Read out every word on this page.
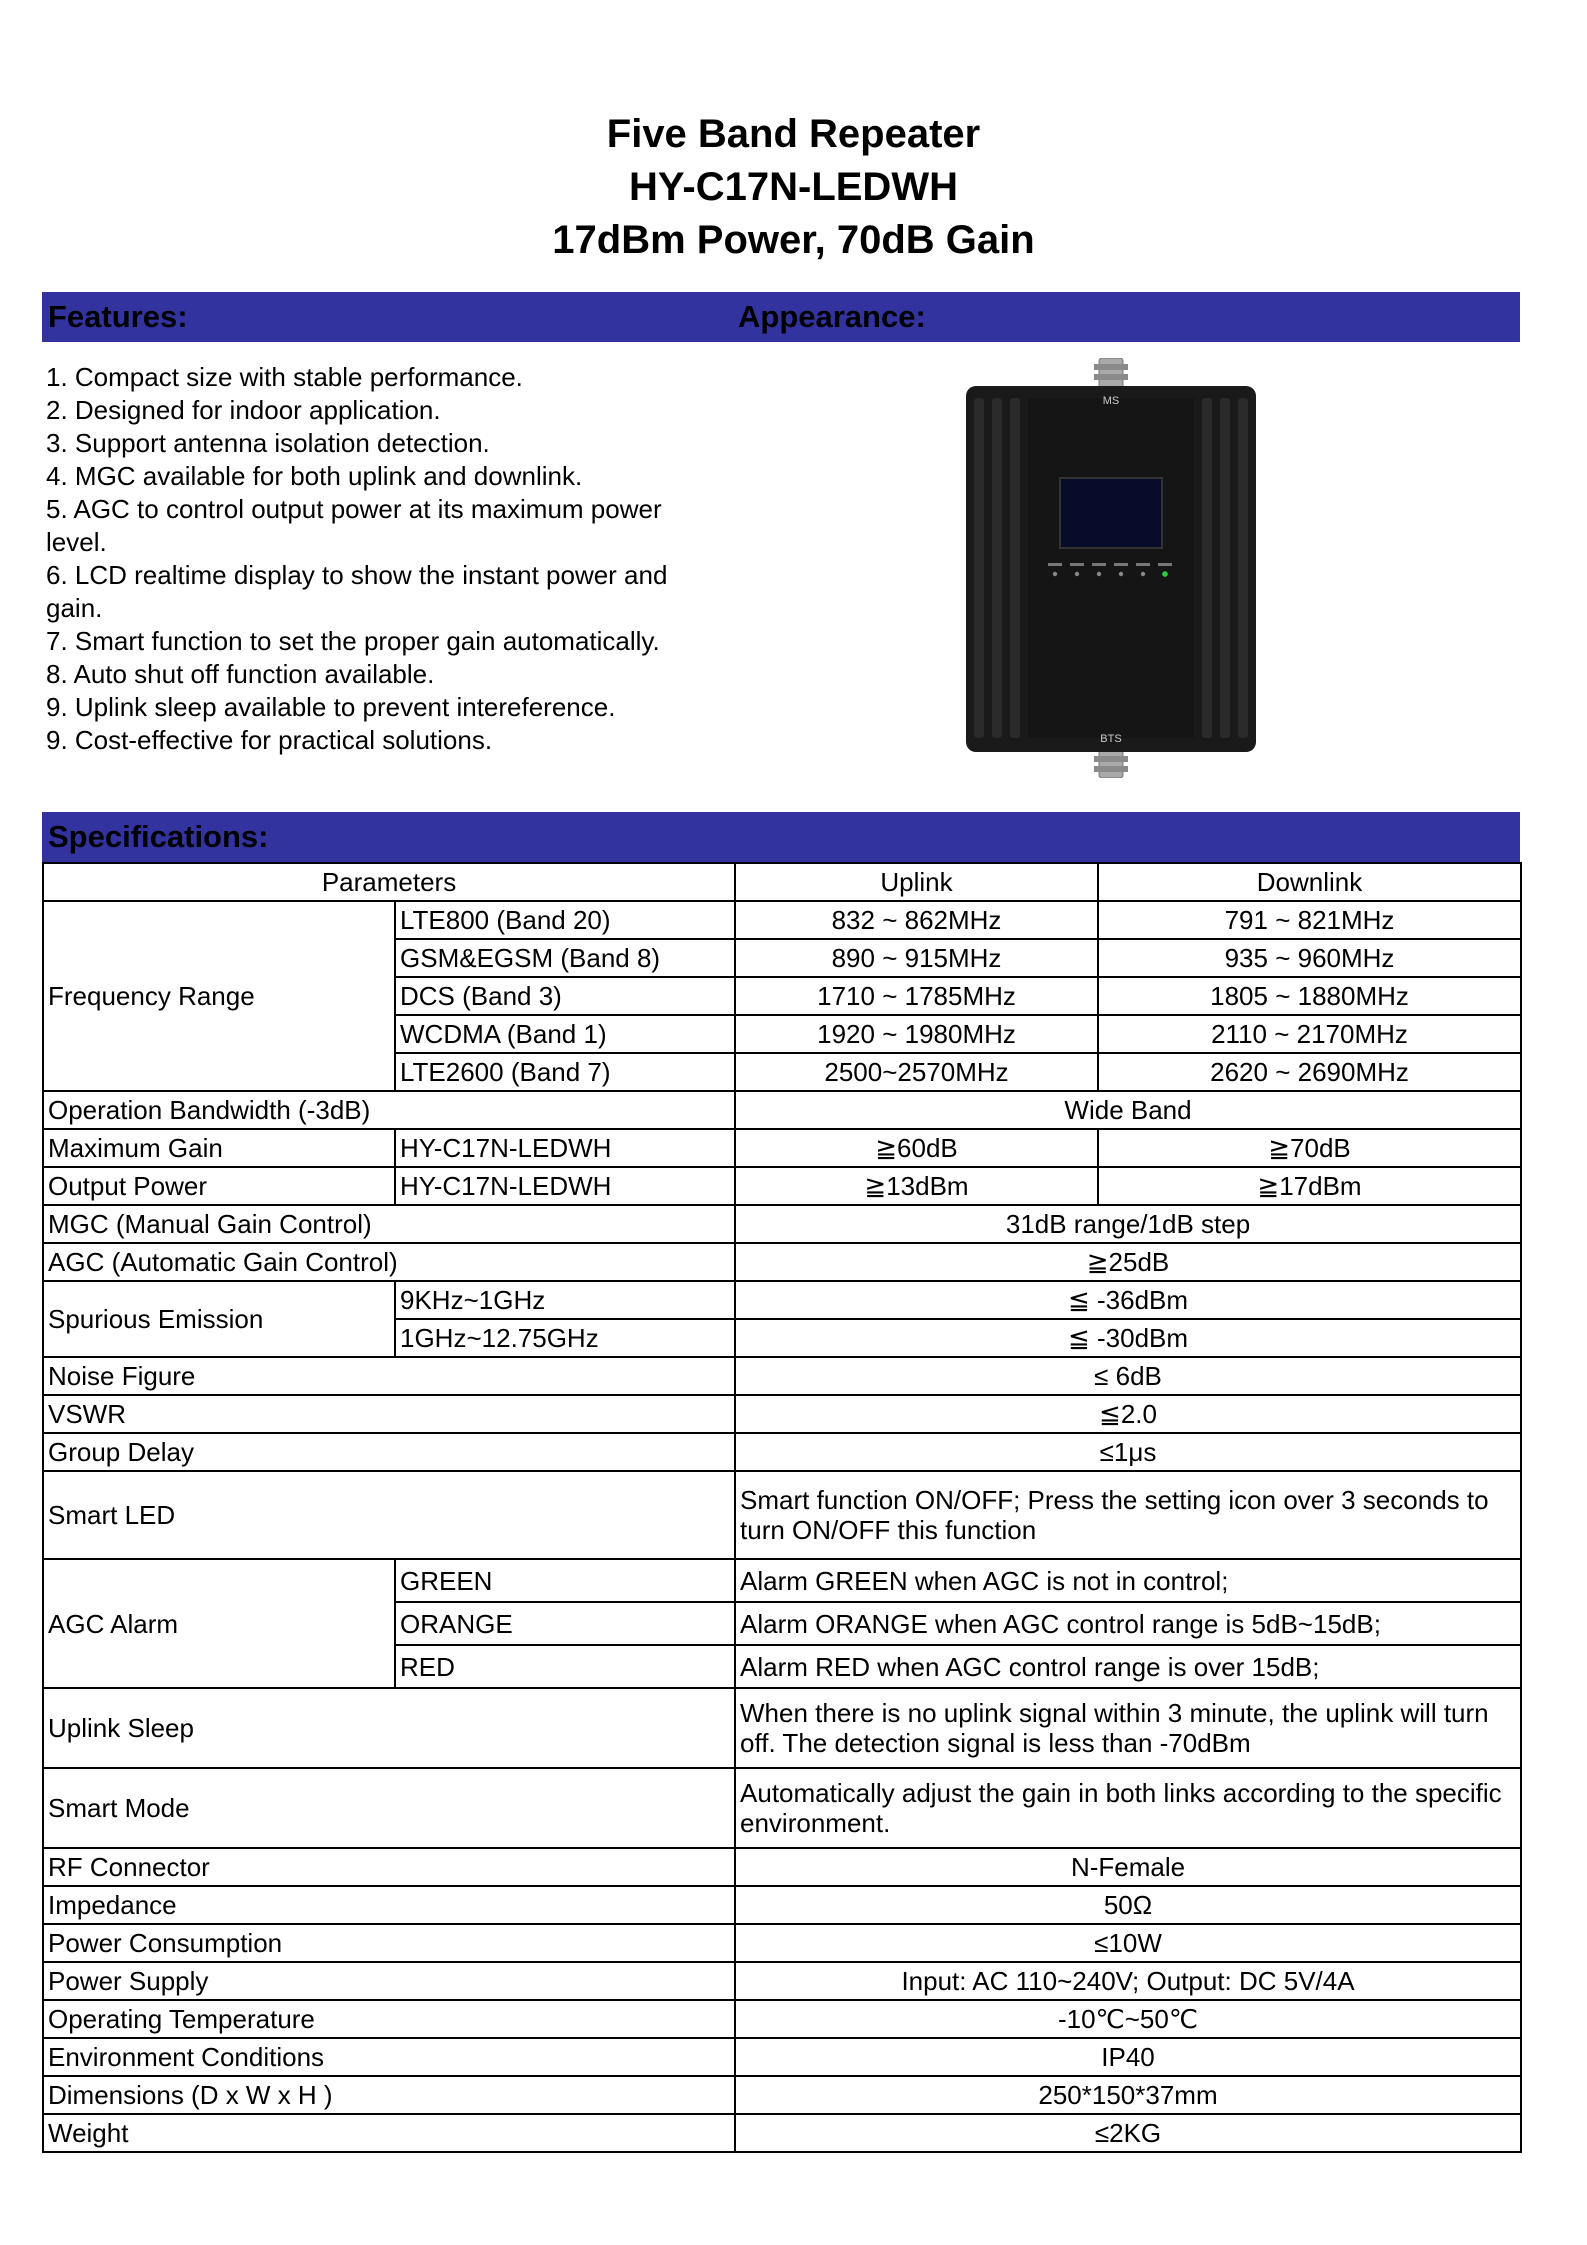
Five Band Repeater
HY-C17N-LEDWH
17dBm Power, 70dB Gain
Features:	Appearance:
1. Compact size with stable performance.
2. Designed for indoor application.
3. Support antenna isolation detection.
4. MGC available for both uplink and downlink.
5. AGC to control output power at its maximum power level.
6. LCD realtime display to show the instant power and gain.
7. Smart function to set the proper gain automatically.
8. Auto shut off function available.
9. Uplink sleep available to prevent intereference.
9. Cost-effective for practical solutions.
MS
BTS
Specifications:
Parameters		Uplink	Downlink
Frequency Range	LTE800 (Band 20)	832 ~ 862MHz	791 ~ 821MHz
	GSM&EGSM (Band 8)	890 ~ 915MHz	935 ~ 960MHz
	DCS (Band 3)	1710 ~ 1785MHz	1805 ~ 1880MHz
	WCDMA (Band 1)	1920 ~ 1980MHz	2110 ~ 2170MHz
	LTE2600 (Band 7)	2500~2570MHz	2620 ~ 2690MHz
Operation Bandwidth (-3dB)		Wide Band	
Maximum Gain	HY-C17N-LEDWH	≧60dB	≧70dB
Output Power	HY-C17N-LEDWH	≧13dBm	≧17dBm
MGC (Manual Gain Control)		31dB range/1dB step	
AGC (Automatic Gain Control)		≧25dB	
Spurious Emission	9KHz~1GHz	≦ -36dBm	
	1GHz~12.75GHz	≦ -30dBm	
Noise Figure		≤ 6dB	
VSWR		≦2.0	
Group Delay		≤1μs	
Smart LED		Smart function ON/OFF; Press the setting icon over 3 seconds to turn ON/OFF this function	
AGC Alarm	GREEN	Alarm GREEN when AGC is not in control;	
	ORANGE	Alarm ORANGE when AGC control range is 5dB~15dB;	
	RED	Alarm RED when AGC control range is over 15dB;	
Uplink Sleep		When there is no uplink signal within 3 minute, the uplink will turn off. The detection signal is less than -70dBm	
Smart Mode		Automatically adjust the gain in both links according to the specific environment.	
RF Connector		N-Female	
Impedance		50Ω	
Power Consumption		≤10W	
Power Supply		Input: AC 110~240V; Output: DC 5V/4A	
Operating Temperature		-10℃~50℃	
Environment Conditions		IP40	
Dimensions (D x W x H )		250*150*37mm	
Weight		≤2KG	
